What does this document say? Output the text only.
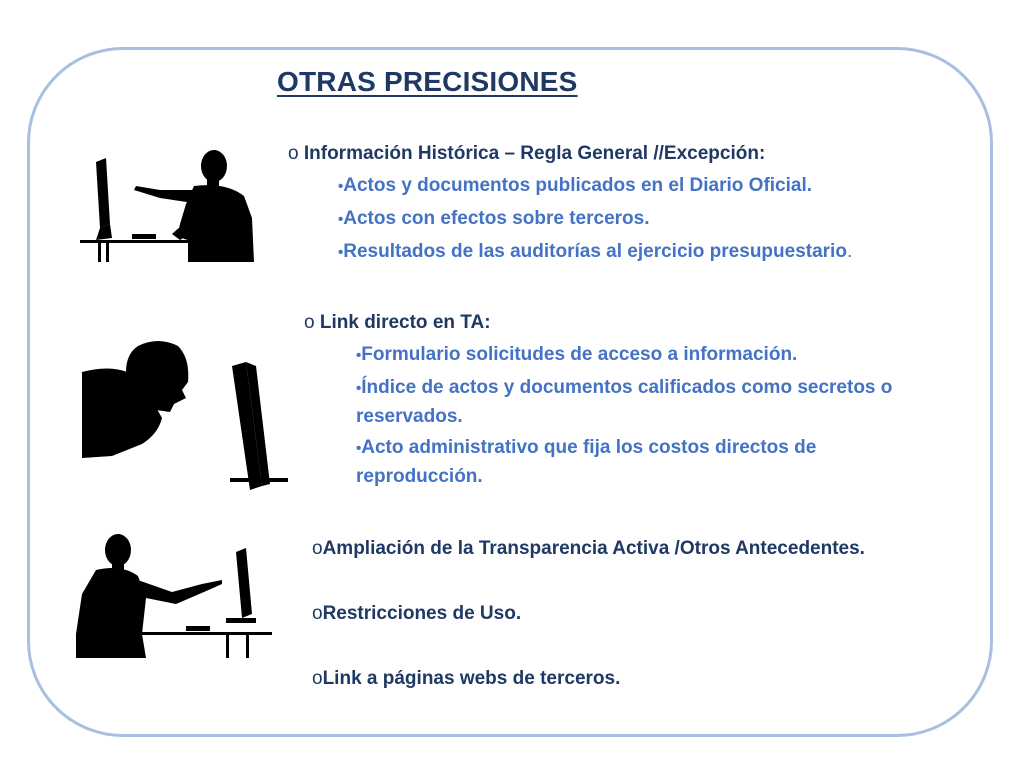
OTRAS PRECISIONES
o Información Histórica – Regla General //Excepción:
•Actos y documentos publicados en el Diario Oficial.
•Actos con efectos sobre terceros.
•Resultados de las auditorías al ejercicio presupuestario.
o Link directo en TA:
•Formulario solicitudes de acceso a información.
•Índice de actos y documentos calificados como secretos o reservados.
•Acto administrativo que fija los costos directos de reproducción.
oAmpliación de la Transparencia Activa /Otros Antecedentes.
oRestricciones de Uso.
oLink a páginas webs de terceros.
